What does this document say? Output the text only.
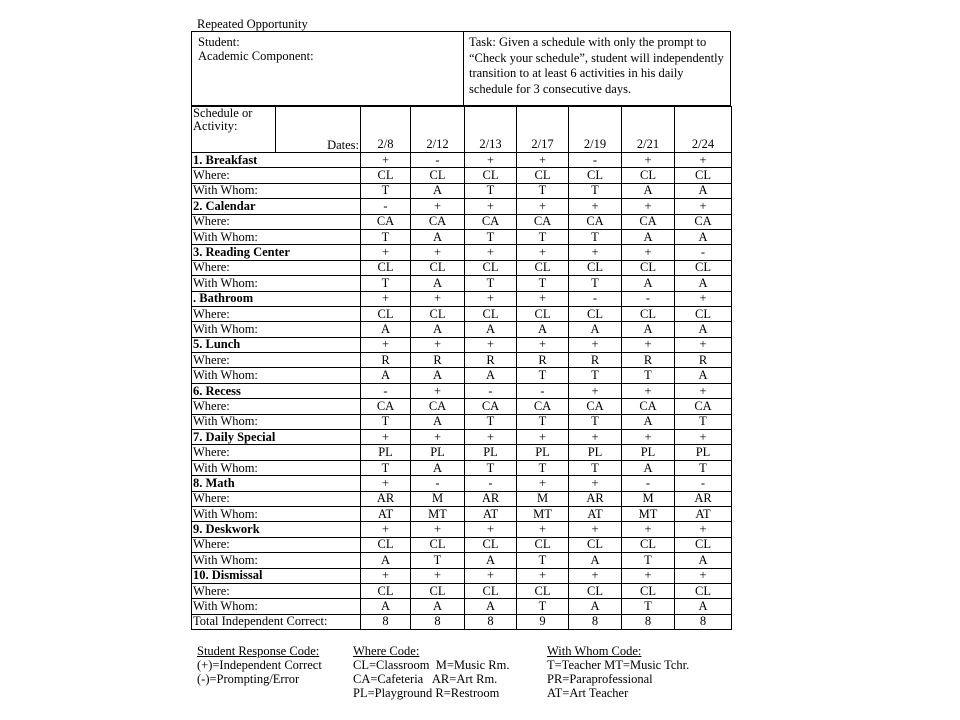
Repeated Opportunity
Student:
Academic Component:
Task: Given a schedule with only the prompt to “Check your schedule”, student will independently transition to at least 6 activities in his daily schedule for 3 consecutive days.
Schedule or Activity:	Dates:	2/8	2/12	2/13	2/17	2/19	2/21	2/24
1. Breakfast		+	-	+	+	-	+	+
Where:		CL	CL	CL	CL	CL	CL	CL
With Whom:		T	A	T	T	T	A	A
2. Calendar		-	+	+	+	+	+	+
Where:		CA	CA	CA	CA	CA	CA	CA
With Whom:		T	A	T	T	T	A	A
3. Reading Center		+	+	+	+	+	+	-
Where:		CL	CL	CL	CL	CL	CL	CL
With Whom:		T	A	T	T	T	A	A
. Bathroom		+	+	+	+	-	-	+
Where:		CL	CL	CL	CL	CL	CL	CL
With Whom:		A	A	A	A	A	A	A
5. Lunch		+	+	+	+	+	+	+
Where:		R	R	R	R	R	R	R
With Whom:		A	A	A	T	T	T	A
6. Recess		-	+	-	-	+	+	+
Where:		CA	CA	CA	CA	CA	CA	CA
With Whom:		T	A	T	T	T	A	T
7. Daily Special		+	+	+	+	+	+	+
Where:		PL	PL	PL	PL	PL	PL	PL
With Whom:		T	A	T	T	T	A	T
8. Math		+	-	-	+	+	-	-
Where:		AR	M	AR	M	AR	M	AR
With Whom:		AT	MT	AT	MT	AT	MT	AT
9. Deskwork		+	+	+	+	+	+	+
Where:		CL	CL	CL	CL	CL	CL	CL
With Whom:		A	T	A	T	A	T	A
10. Dismissal		+	+	+	+	+	+	+
Where:		CL	CL	CL	CL	CL	CL	CL
With Whom:		A	A	A	T	A	T	A
Total Independent Correct:		8	8	8	9	8	8	8
Student Response Code:
(+)=Independent Correct
(-)=Prompting/Error
Where Code:
CL=Classroom  M=Music Rm.
CA=Cafeteria   AR=Art Rm.
PL=Playground R=Restroom
With Whom Code:
T=Teacher MT=Music Tchr.
PR=Paraprofessional
AT=Art Teacher
